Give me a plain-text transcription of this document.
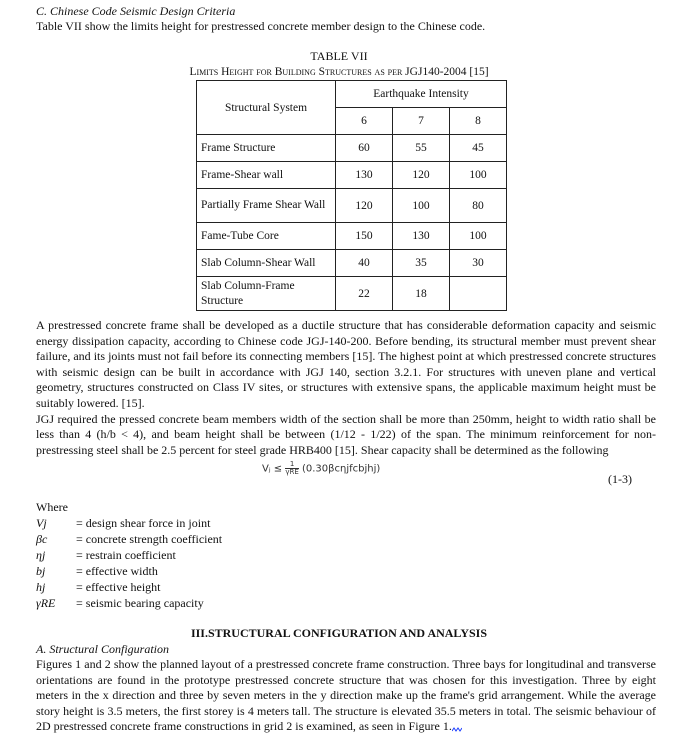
C. Chinese Code Seismic Design Criteria
Table VII show the limits height for prestressed concrete member design to the Chinese code.
TABLE VII
Limits Height for Building Structures as per JGJ140-2004 [15]
Structural System	Earthquake Intensity		
	6	7	8
Frame Structure	60	55	45
Frame-Shear wall	130	120	100
Partially Frame Shear Wall	120	100	80
Fame-Tube Core	150	130	100
Slab Column-Shear Wall	40	35	30
Slab Column-Frame Structure	22	18	

A prestressed concrete frame shall be developed as a ductile structure that has considerable deformation capacity and seismic energy dissipation capacity, according to Chinese code JGJ-140-200. Before bending, its structural member must prevent shear failure, and its joints must not fail before its connecting members [15]. The highest point at which prestressed concrete structures with seismic design can be built in accordance with JGJ 140, section 3.2.1. For structures with uneven plane and vertical geometry, structures constructed on Class IV sites, or structures with extensive spans, the applicable maximum height must be suitably lowered. [15].

JGJ required the pressed concrete beam members width of the section shall be more than 250mm, height to width ratio shall be less than 4 (h/b < 4), and beam height shall be between (1/12 - 1/22) of the span. The minimum reinforcement for non-prestressing steel shall be 2.5 percent for steel grade HRB400 [15]. Shear capacity shall be determined as the following

Vⱼ ≤ $\frac{1}{\text{γRE}}$ (0.30βcηjfcbjhj)
(1-3)
Where
Vj	= design shear force in joint
βc	= concrete strength coefficient
ηj	= restrain coefficient
bj	= effective width
hj	= effective height
γRE	= seismic bearing capacity
III.STRUCTURAL CONFIGURATION AND ANALYSIS
A. Structural Configuration

Figures 1 and 2 show the planned layout of a prestressed concrete frame construction. Three bays for longitudinal and transverse orientations are found in the prototype prestressed concrete structure that was chosen for this investigation. Three by eight meters in the x direction and three by seven meters in the y direction make up the frame's grid arrangement. While the average story height is 3.5 meters, the first storey is 4 meters tall. The structure is elevated 35.5 meters in total. The seismic behaviour of 2D prestressed concrete frame constructions in grid 2 is examined, as seen in Figure 1.
